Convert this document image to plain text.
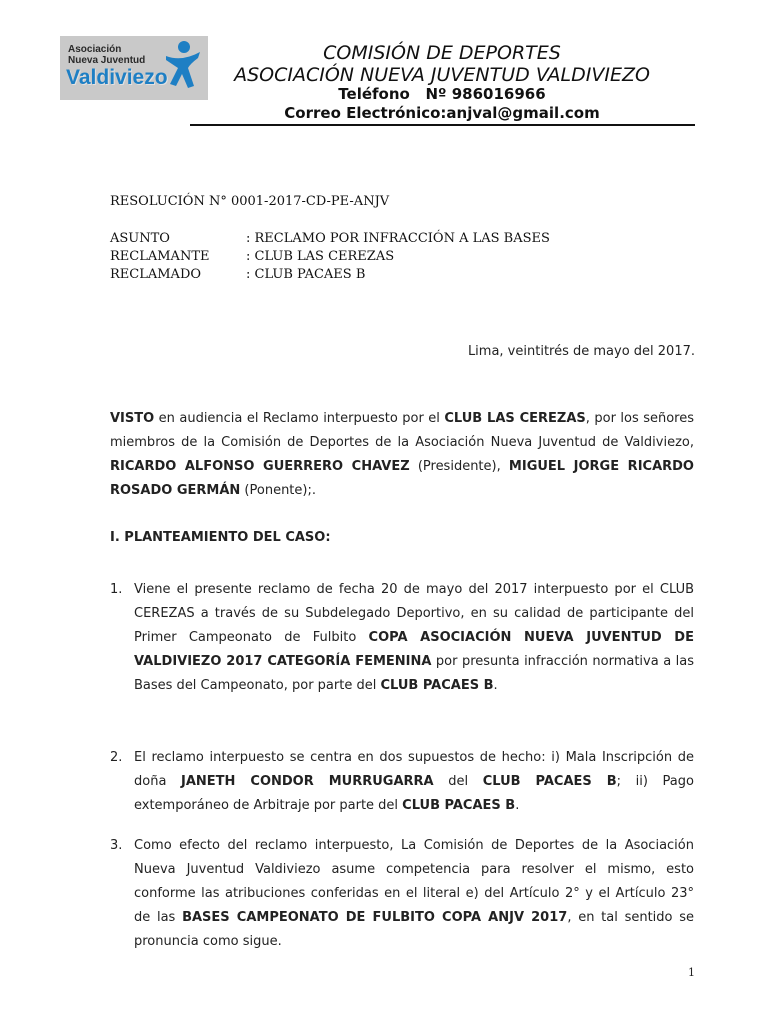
Asociación
Nueva Juventud
Valdiviezo
COMISIÓN DE DEPORTES
ASOCIACIÓN NUEVA JUVENTUD VALDIVIEZO
Teléfono   Nº 986016966
Correo Electrónico:anjval@gmail.com
RESOLUCIÓN N° 0001-2017-CD-PE-ANJV
ASUNTO	: RECLAMO POR INFRACCIÓN A LAS BASES
RECLAMANTE	: CLUB LAS CEREZAS
RECLAMADO	: CLUB PACAES B
Lima, veintitrés de mayo del 2017.
VISTO en audiencia el Reclamo interpuesto por el CLUB LAS CEREZAS, por los señores miembros de la Comisión de Deportes de la Asociación Nueva Juventud de Valdiviezo, RICARDO ALFONSO GUERRERO CHAVEZ (Presidente), MIGUEL JORGE RICARDO ROSADO GERMÁN (Ponente);.
I. PLANTEAMIENTO DEL CASO:
1. Viene el presente reclamo de fecha 20 de mayo del 2017 interpuesto por el CLUB CEREZAS a través de su Subdelegado Deportivo, en su calidad de participante del Primer Campeonato de Fulbito COPA ASOCIACIÓN NUEVA JUVENTUD DE VALDIVIEZO 2017 CATEGORÍA FEMENINA por presunta infracción normativa a las Bases del Campeonato, por parte del CLUB PACAES B.
2. El reclamo interpuesto se centra en dos supuestos de hecho: i) Mala Inscripción de doña JANETH CONDOR MURRUGARRA del CLUB PACAES B; ii) Pago extemporáneo de Arbitraje por parte del CLUB PACAES B.
3. Como efecto del reclamo interpuesto, La Comisión de Deportes de la Asociación Nueva Juventud Valdiviezo asume competencia para resolver el mismo, esto conforme las atribuciones conferidas en el literal e) del Artículo 2° y el Artículo 23° de las BASES CAMPEONATO DE FULBITO COPA ANJV 2017, en tal sentido se pronuncia como sigue.
1
